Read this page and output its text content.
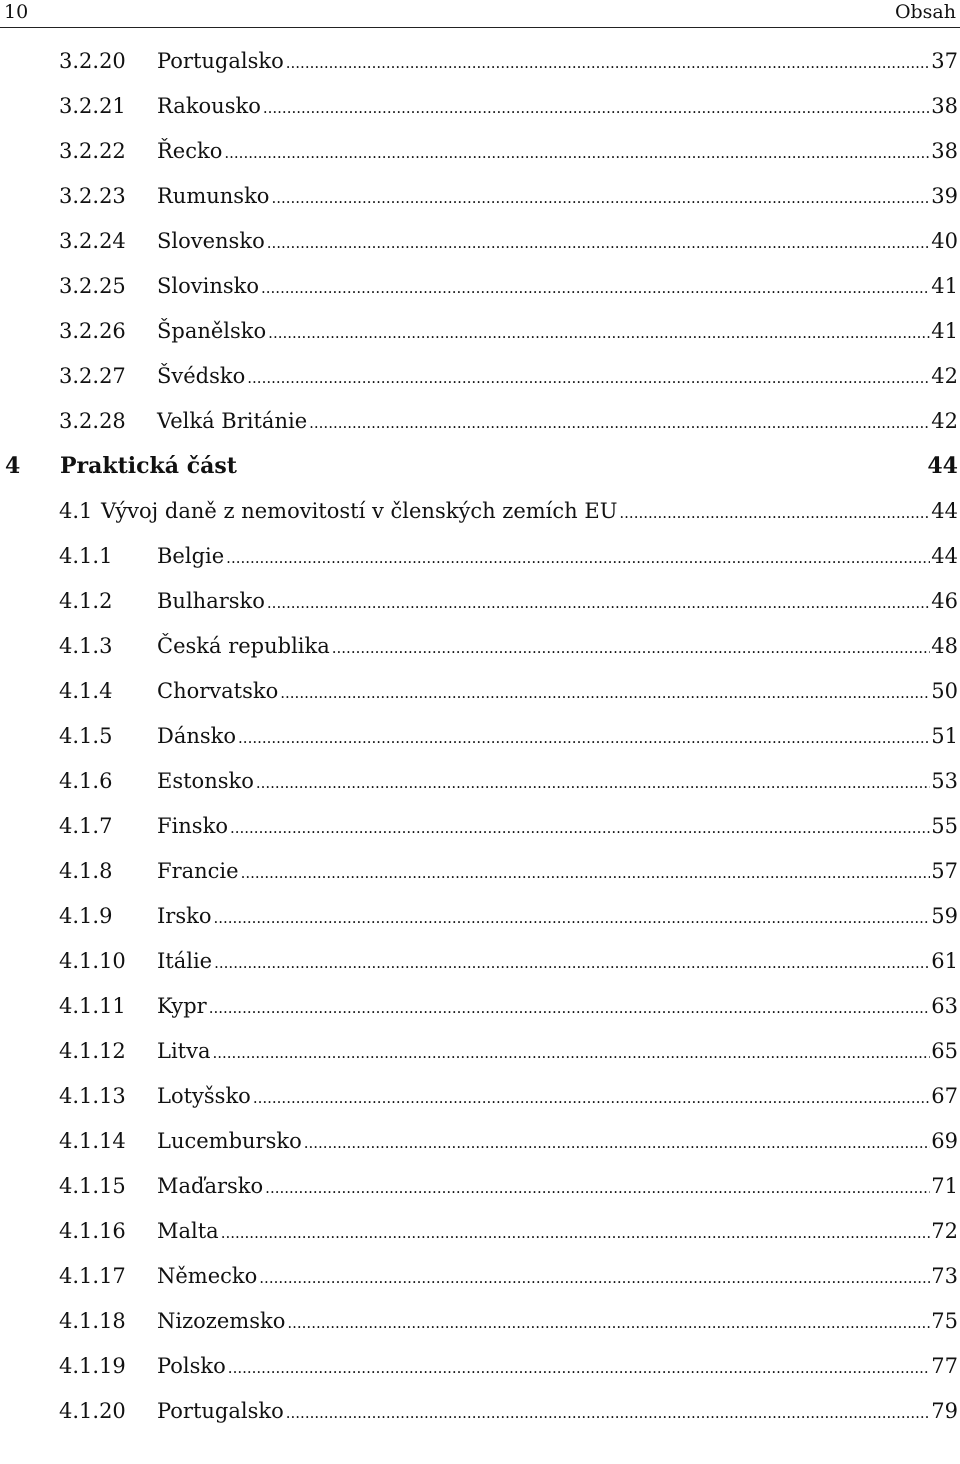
10	Obsah
3.2.20 Portugalsko .....	37
3.2.21 Rakousko .....	38
3.2.22 Řecko .....	38
3.2.23 Rumunsko .....	39
3.2.24 Slovensko .....	40
3.2.25 Slovinsko .....	41
3.2.26 Španělsko .....	41
3.2.27 Švédsko .....	42
3.2.28 Velká Británie .....	42
4 Praktická část	44
4.1 Vývoj daně z nemovitostí v členských zemích EU .....	44
4.1.1 Belgie .....	44
4.1.2 Bulharsko .....	46
4.1.3 Česká republika .....	48
4.1.4 Chorvatsko .....	50
4.1.5 Dánsko .....	51
4.1.6 Estonsko .....	53
4.1.7 Finsko .....	55
4.1.8 Francie .....	57
4.1.9 Irsko .....	59
4.1.10 Itálie .....	61
4.1.11 Kypr .....	63
4.1.12 Litva .....	65
4.1.13 Lotyšsko .....	67
4.1.14 Lucembursko .....	69
4.1.15 Maďarsko .....	71
4.1.16 Malta .....	72
4.1.17 Německo .....	73
4.1.18 Nizozemsko .....	75
4.1.19 Polsko .....	77
4.1.20 Portugalsko .....	79
